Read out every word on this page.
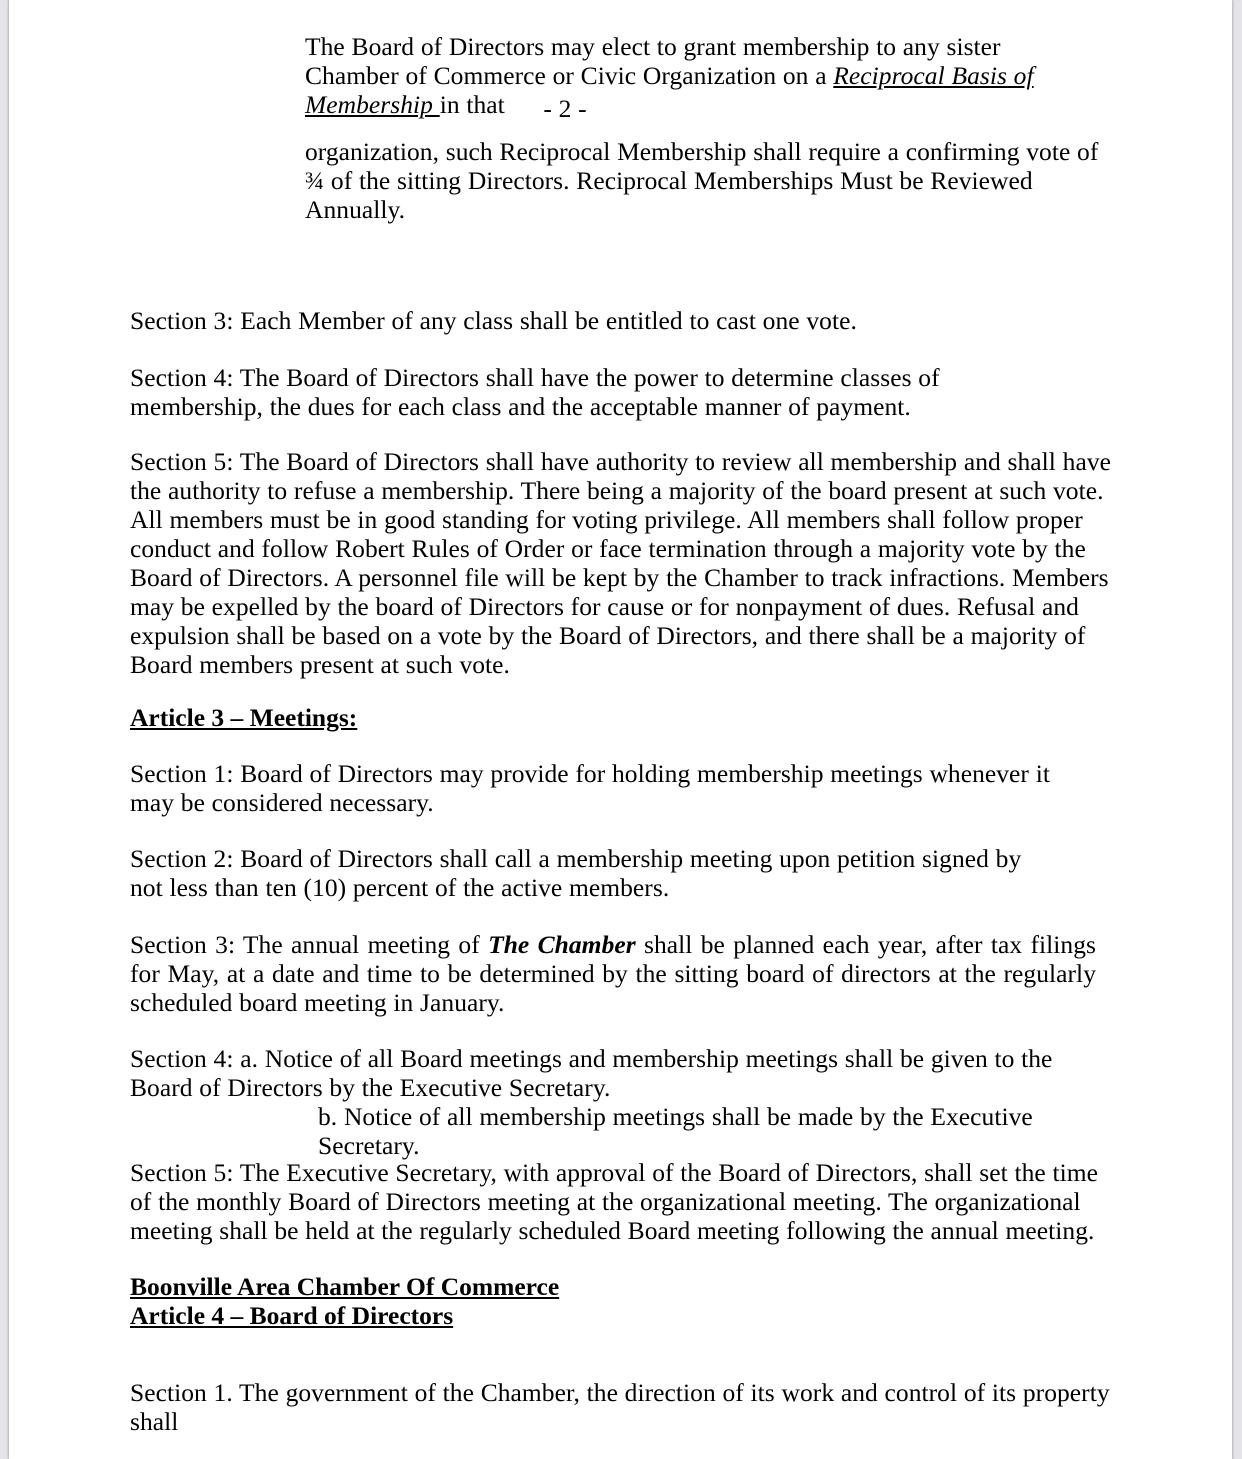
The Board of Directors may elect to grant membership to any sister Chamber of Commerce or Civic Organization on a Reciprocal Basis of Membership in that	- 2 -
organization, such Reciprocal Membership shall require a confirming vote of ¾ of the sitting Directors. Reciprocal Memberships Must be Reviewed Annually.
Section 3: Each Member of any class shall be entitled to cast one vote.
Section 4: The Board of Directors shall have the power to determine classes of membership, the dues for each class and the acceptable manner of payment.
Section 5: The Board of Directors shall have authority to review all membership and shall have the authority to refuse a membership. There being a majority of the board present at such vote. All members must be in good standing for voting privilege. All members shall follow proper conduct and follow Robert Rules of Order or face termination through a majority vote by the Board of Directors. A personnel file will be kept by the Chamber to track infractions. Members may be expelled by the board of Directors for cause or for nonpayment of dues. Refusal and expulsion shall be based on a vote by the Board of Directors, and there shall be a majority of Board members present at such vote.
Article 3 – Meetings:
Section 1: Board of Directors may provide for holding membership meetings whenever it may be considered necessary.
Section 2: Board of Directors shall call a membership meeting upon petition signed by not less than ten (10) percent of the active members.
Section 3: The annual meeting of The Chamber shall be planned each year, after tax filings for May, at a date and time to be determined by the sitting board of directors at the regularly scheduled board meeting in January.
Section 4: a. Notice of all Board meetings and membership meetings shall be given to the Board of Directors by the Executive Secretary.
b. Notice of all membership meetings shall be made by the Executive Secretary.
Section 5: The Executive Secretary, with approval of the Board of Directors, shall set the time of the monthly Board of Directors meeting at the organizational meeting. The organizational meeting shall be held at the regularly scheduled Board meeting following the annual meeting.
Boonville Area Chamber Of Commerce
Article 4 – Board of Directors
Section 1. The government of the Chamber, the direction of its work and control of its property shall
